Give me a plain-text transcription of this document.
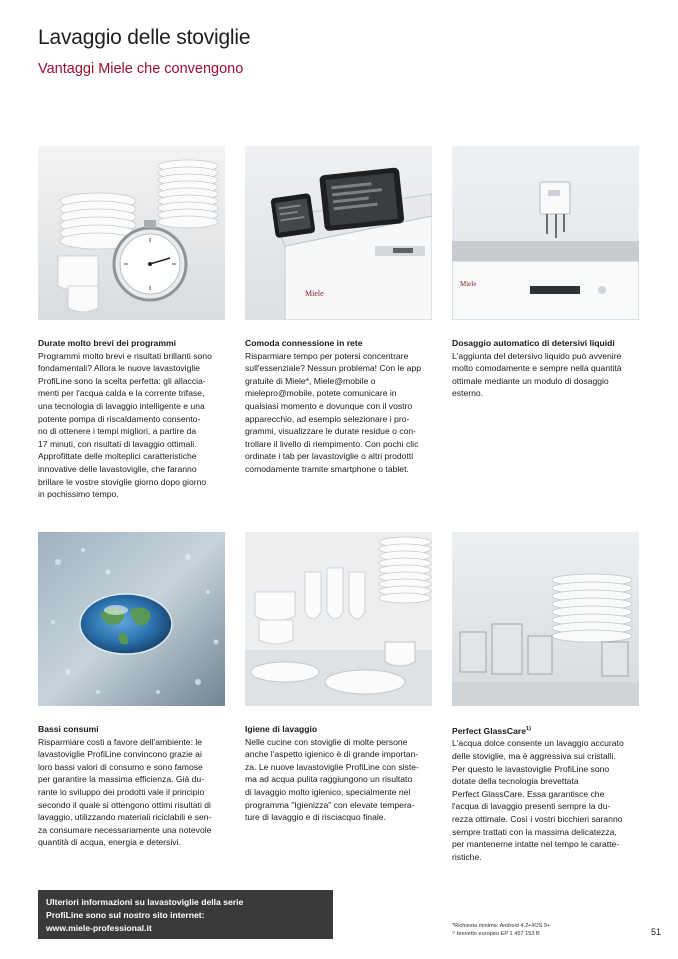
Lavaggio delle stoviglie
Vantaggi Miele che convengono
Miele
Miele
Durate molto brevi dei programmi

Programmi molto brevi e risultati brillanti sono
fondamentali? Allora le nuove lavastoviglie
ProfiLine sono la scelta perfetta: gli allaccia-
menti per l'acqua calda e la corrente trifase,
una tecnologia di lavaggio intelligente e una
potente pompa di riscaldamento consento-
no di ottenere i tempi migliori, a partire da
17 minuti, con risultati di lavaggio ottimali.
Approfittate delle molteplici caratteristiche
innovative delle lavastoviglie, che faranno
brillare le vostre stoviglie giorno dopo giorno
in pochissimo tempo.

Comoda connessione in rete

Risparmiare tempo per potersi concentrare
sull'essenziale? Nessun problema! Con le app
gratuite di Miele*, Miele@mobile o
mielepro@mobile, potete comunicare in
qualsiasi momento e dovunque con il vostro
apparecchio, ad esempio selezionare i pro-
grammi, visualizzare le durate residue o con-
trollare il livello di riempimento. Con pochi clic
ordinate i tab per lavastoviglie o altri prodotti
comodamente tramite smartphone o tablet.

Dosaggio automatico di detersivi liquidi

L'aggiunta del detersivo liquido può avvenire
molto comodamente e sempre nella quantità
ottimale mediante un modulo di dosaggio
esterno.

Bassi consumi

Risparmiare costi a favore dell'ambiente: le
lavastoviglie ProfiLine convincono grazie ai
loro bassi valori di consumo e sono famose
per garantire la massima efficienza. Già du-
rante lo sviluppo dei prodotti vale il principio
secondo il quale si ottengono ottimi risultati di
lavaggio, utilizzando materiali riciclabili e sen-
za consumare necessariamente una notevole
quantità di acqua, energia e detersivi.

Igiene di lavaggio

Nelle cucine con stoviglie di molte persone
anche l'aspetto igienico è di grande importan-
za. Le nuove lavastoviglie ProfiLine con siste-
ma ad acqua pulita raggiungono un risultato
di lavaggio molto igienico, specialmente nel
programma "Igienizza" con elevate tempera-
ture di lavaggio e di risciacquo finale.

Perfect GlassCare$^{1)}$

L'acqua dolce consente un lavaggio accurato
delle stoviglie, ma è aggressiva sui cristalli.
Per questo le lavastoviglie ProfiLine sono
dotate della tecnologia brevettata
Perfect GlassCare. Essa garantisce che
l'acqua di lavaggio presenti sempre la du-
rezza ottimale. Così i vostri bicchieri saranno
sempre trattati con la massima delicatezza,
per mantenerne intatte nel tempo le caratte-
ristiche.

Ulteriori informazioni su lavastoviglie della serie
ProfiLine sono sul nostro sito internet:
www.miele-professional.it	*Richiesta minima: Android 4.2+/iOS 9+
¹⁾ brevetto europeo EP 1 457 153 B	51
